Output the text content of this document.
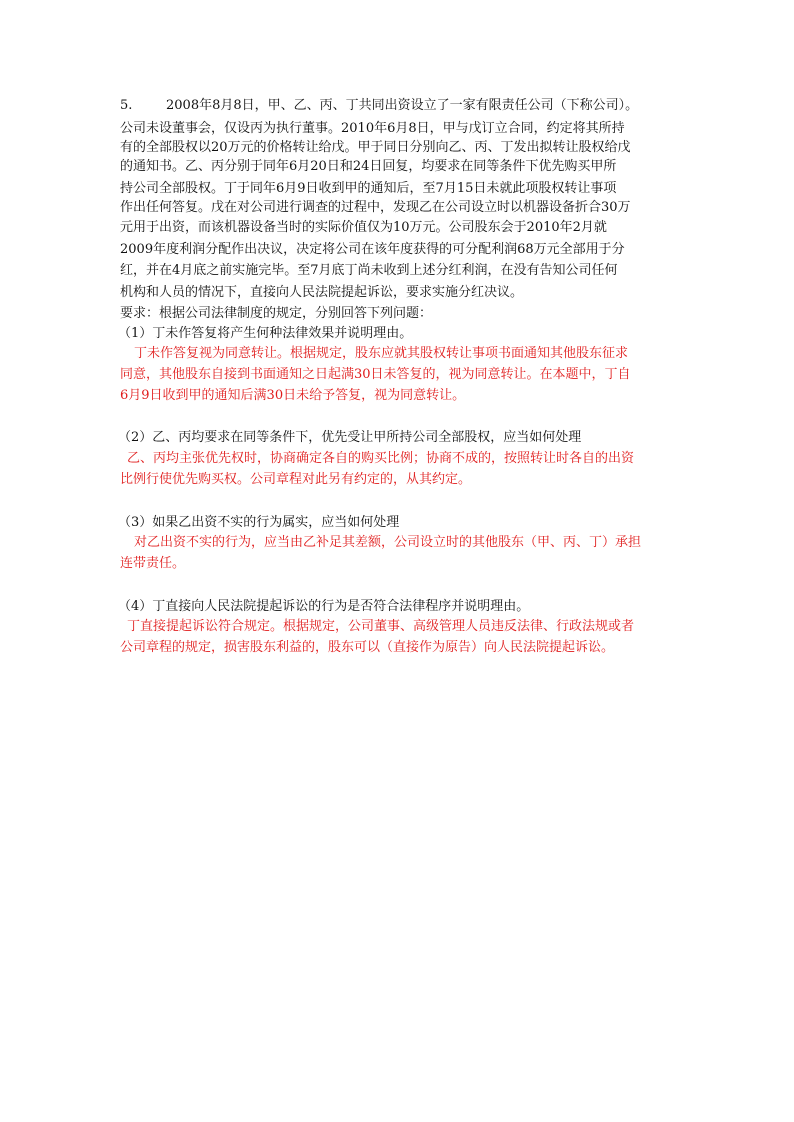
5.	2008年8月8日，甲、乙、丙、丁共同出资设立了一家有限责任公司（下称公司）。
公司未设董事会，仅设丙为执行董事。2010年6月8日，甲与戊订立合同，约定将其所持
有的全部股权以20万元的价格转让给戊。甲于同日分别向乙、丙、丁发出拟转让股权给戊
的通知书。乙、丙分别于同年6月20日和24日回复，均要求在同等条件下优先购买甲所
持公司全部股权。丁于同年6月9日收到甲的通知后，至7月15日未就此项股权转让事项
作出任何答复。戊在对公司进行调查的过程中，发现乙在公司设立时以机器设备折合30万
元用于出资，而该机器设备当时的实际价值仅为10万元。公司股东会于2010年2月就
2009年度利润分配作出决议，决定将公司在该年度获得的可分配利润68万元全部用于分
红，并在4月底之前实施完毕。至7月底丁尚未收到上述分红利润，在没有告知公司任何
机构和人员的情况下，直接向人民法院提起诉讼，要求实施分红决议。
要求：根据公司法律制度的规定，分别回答下列问题：
（1）丁未作答复将产生何种法律效果并说明理由。
丁未作答复视为同意转让。根据规定，股东应就其股权转让事项书面通知其他股东征求
同意，其他股东自接到书面通知之日起满30日未答复的，视为同意转让。在本题中，丁自
6月9日收到甲的通知后满30日未给予答复，视为同意转让。
（2）乙、丙均要求在同等条件下，优先受让甲所持公司全部股权，应当如何处理
乙、丙均主张优先权时，协商确定各自的购买比例；协商不成的，按照转让时各自的出资
比例行使优先购买权。公司章程对此另有约定的，从其约定。
（3）如果乙出资不实的行为属实，应当如何处理
对乙出资不实的行为，应当由乙补足其差额，公司设立时的其他股东（甲、丙、丁）承担
连带责任。
（4）丁直接向人民法院提起诉讼的行为是否符合法律程序并说明理由。
丁直接提起诉讼符合规定。根据规定，公司董事、高级管理人员违反法律、行政法规或者
公司章程的规定，损害股东利益的，股东可以（直接作为原告）向人民法院提起诉讼。
